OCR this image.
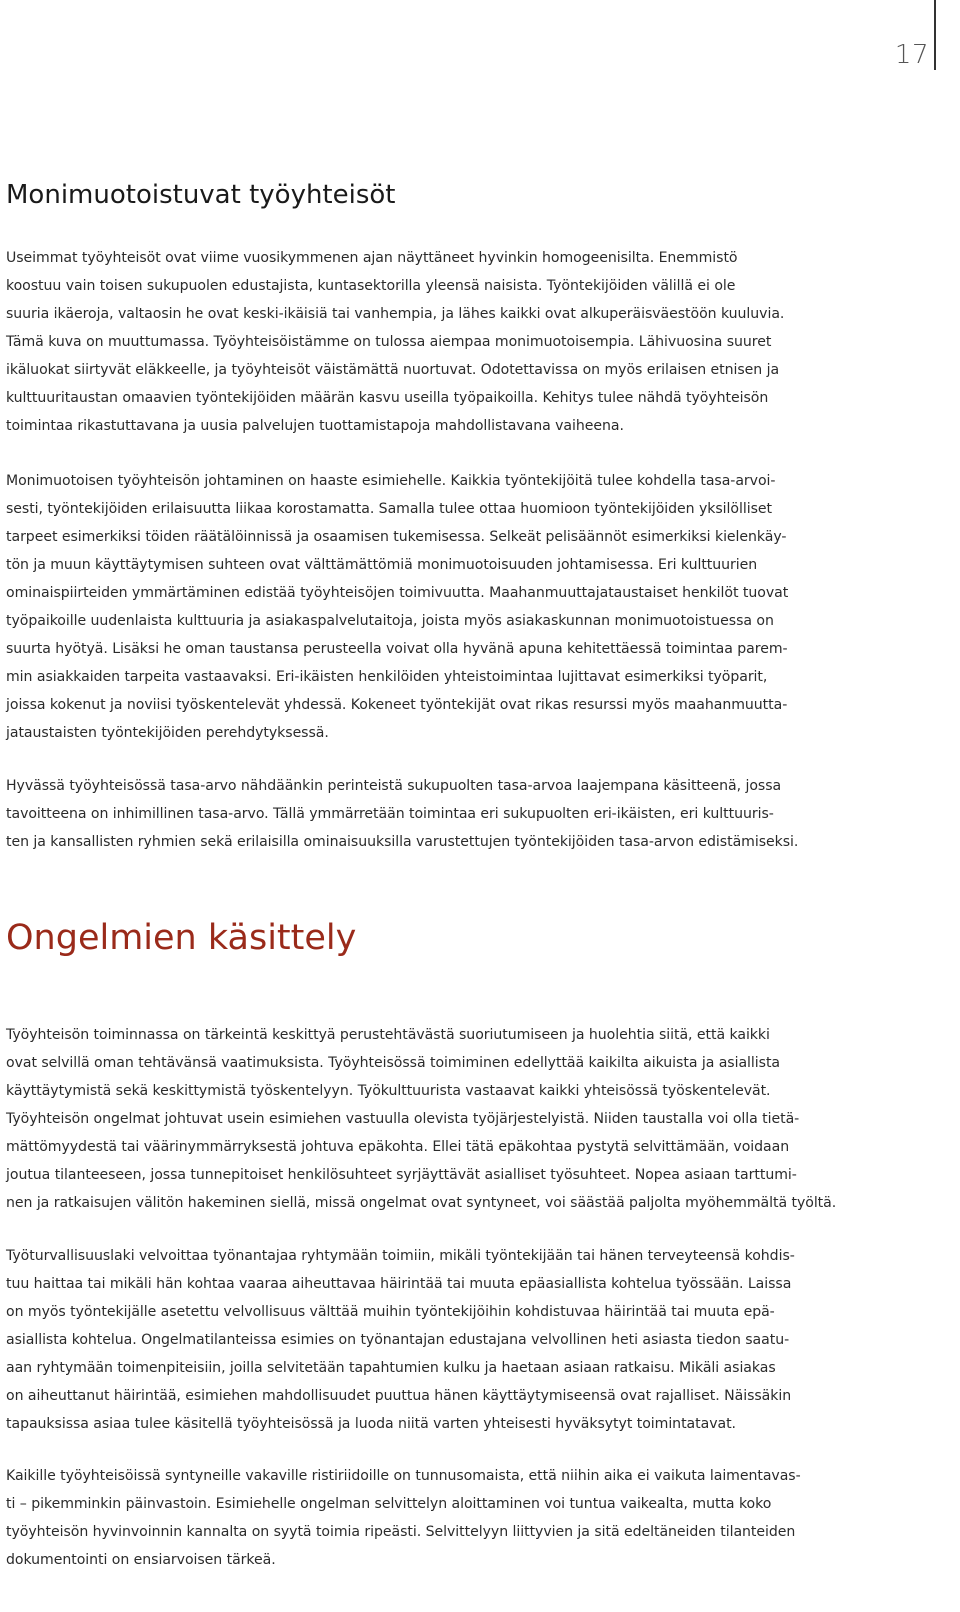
17
Monimuotoistuvat työyhteisöt
Useimmat työyhteisöt ovat viime vuosikymmenen ajan näyttäneet hyvinkin homogeenisilta. Enemmistö
koostuu vain toisen sukupuolen edustajista, kuntasektorilla yleensä naisista. Työntekijöiden välillä ei ole
suuria ikäeroja, valtaosin he ovat keski-ikäisiä tai vanhempia, ja lähes kaikki ovat alkuperäisväestöön kuuluvia.
Tämä kuva on muuttumassa. Työyhteisöistämme on tulossa aiempaa monimuotoisempia. Lähivuosina suuret
ikäluokat siirtyvät eläkkeelle, ja työyhteisöt väistämättä nuortuvat. Odotettavissa on myös erilaisen etnisen ja
kulttuuritaustan omaavien työntekijöiden määrän kasvu useilla työpaikoilla. Kehitys tulee nähdä työyhteisön
toimintaa rikastuttavana ja uusia palvelujen tuottamistapoja mahdollistavana vaiheena.
Monimuotoisen työyhteisön johtaminen on haaste esimiehelle. Kaikkia työntekijöitä tulee kohdella tasa-arvoi-
sesti, työntekijöiden erilaisuutta liikaa korostamatta. Samalla tulee ottaa huomioon työntekijöiden yksilölliset
tarpeet esimerkiksi töiden räätälöinnissä ja osaamisen tukemisessa. Selkeät pelisäännöt esimerkiksi kielenkäy-
tön ja muun käyttäytymisen suhteen ovat välttämättömiä monimuotoisuuden johtamisessa. Eri kulttuurien
ominaispiirteiden ymmärtäminen edistää työyhteisöjen toimivuutta. Maahanmuuttajataustaiset henkilöt tuovat
työpaikoille uudenlaista kulttuuria ja asiakaspalvelutaitoja, joista myös asiakaskunnan monimuotoistuessa on
suurta hyötyä. Lisäksi he oman taustansa perusteella voivat olla hyvänä apuna kehitettäessä toimintaa parem-
min asiakkaiden tarpeita vastaavaksi. Eri-ikäisten henkilöiden yhteistoimintaa lujittavat esimerkiksi työparit,
joissa kokenut ja noviisi työskentelevät yhdessä. Kokeneet työntekijät ovat rikas resurssi myös maahanmuutta-
jataustaisten työntekijöiden perehdytyksessä.
Hyvässä työyhteisössä tasa-arvo nähdäänkin perinteistä sukupuolten tasa-arvoa laajempana käsitteenä, jossa
tavoitteena on inhimillinen tasa-arvo. Tällä ymmärretään toimintaa eri sukupuolten eri-ikäisten, eri kulttuuris-
ten ja kansallisten ryhmien sekä erilaisilla ominaisuuksilla varustettujen työntekijöiden tasa-arvon edistämiseksi.
Ongelmien käsittely
Työyhteisön toiminnassa on tärkeintä keskittyä perustehtävästä suoriutumiseen ja huolehtia siitä, että kaikki
ovat selvillä oman tehtävänsä vaatimuksista. Työyhteisössä toimiminen edellyttää kaikilta aikuista ja asiallista
käyttäytymistä sekä keskittymistä työskentelyyn. Työkulttuurista vastaavat kaikki yhteisössä työskentelevät.
Työyhteisön ongelmat johtuvat usein esimiehen vastuulla olevista työjärjestelyistä. Niiden taustalla voi olla tietä-
mättömyydestä tai väärinymmärryksestä johtuva epäkohta. Ellei tätä epäkohtaa pystytä selvittämään, voidaan
joutua tilanteeseen, jossa tunnepitoiset henkilösuhteet syrjäyttävät asialliset työsuhteet. Nopea asiaan tarttumi-
nen ja ratkaisujen välitön hakeminen siellä, missä ongelmat ovat syntyneet, voi säästää paljolta myöhemmältä työltä.
Työturvallisuuslaki velvoittaa työnantajaa ryhtymään toimiin, mikäli työntekijään tai hänen terveyteensä kohdis-
tuu haittaa tai mikäli hän kohtaa vaaraa aiheuttavaa häirintää tai muuta epäasiallista kohtelua työssään. Laissa
on myös työntekijälle asetettu velvollisuus välttää muihin työntekijöihin kohdistuvaa häirintää tai muuta epä-
asiallista kohtelua. Ongelmatilanteissa esimies on työnantajan edustajana velvollinen heti asiasta tiedon saatu-
aan ryhtymään toimenpiteisiin, joilla selvitetään tapahtumien kulku ja haetaan asiaan ratkaisu. Mikäli asiakas
on aiheuttanut häirintää, esimiehen mahdollisuudet puuttua hänen käyttäytymiseensä ovat rajalliset. Näissäkin
tapauksissa asiaa tulee käsitellä työyhteisössä ja luoda niitä varten yhteisesti hyväksytyt toimintatavat.
Kaikille työyhteisöissä syntyneille vakaville ristiriidoille on tunnusomaista, että niihin aika ei vaikuta laimentavas-
ti – pikemminkin päinvastoin. Esimiehelle ongelman selvittelyn aloittaminen voi tuntua vaikealta, mutta koko
työyhteisön hyvinvoinnin kannalta on syytä toimia ripeästi. Selvittelyyn liittyvien ja sitä edeltäneiden tilanteiden
dokumentointi on ensiarvoisen tärkeä.
